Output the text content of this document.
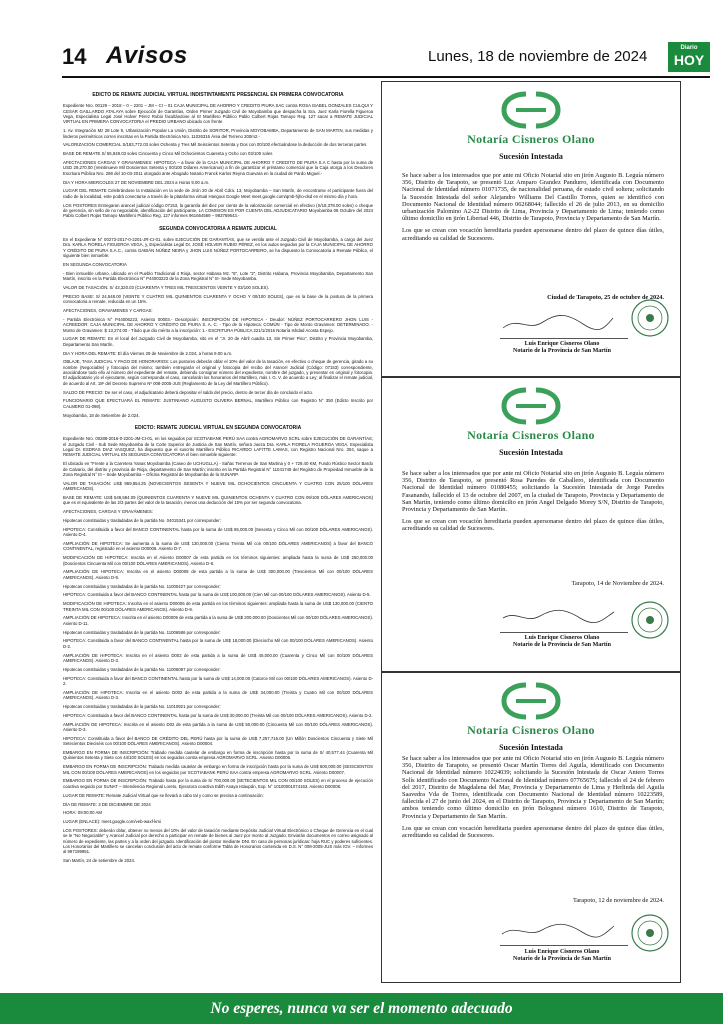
14 Avisos	Lunes, 18 de noviembre de 2024	Diario
HOY
EDICTO DE REMATE JUDICIAL VIRTUAL INDISTINTAMENTE PRESENCIAL EN PRIMERA CONVOCATORIA

Expediente Nro. 00129 – 2018 – 0 – 2201 – JM – CI – 01 CAJA MUNICIPAL DE AHORRO Y CREDITO PIURA SAC contra ROSA ISABEL GONZALES CULQUI Y CESAR GAILLARDO ATALAYA sobre Ejecución de Garantías, Orden Primer Juzgado Civil de Moyobamba que despacha la Sra. Juez Karla Fiorella Figueroa Vega, Especialista Legal José Holver Pérez Rubio facultándose al Sr Martillero Público Pablo Colbert Rojas Tamayo Reg. 127 sacar a REMATE JUDICIAL VIRTUAL EN PRIMERA CONVOCATORIA el PREDIO URBANO ubicado con frente

1. Av. Integración Mz 28 Lote 9, Urbanización Popular La Unión, Distrito de SORITOR, Provincia MOYOBAMBA, Departamento de SAN MARTIN, sus medidas y linderos perimétricos corren inscritas en la Partida Electrónica Nro. 11026316 Área del Terreno 200m2.-

VALORIZACION COMERCIAL S/183,772.03 soles Ochenta y Tres Mil Seiscientos Setenta y Dos con 00/100 efectuándose la deducción de dos terceras partes

BASE DE REMATE S/ 55,848.03 soles Cincuenta y Cinco Mil Ochocientos Cuarenta y Ocho con 03/100 soles

AFECTACIONES CARGAS Y GRAVAMENES: HIPOTECA – a favor de la CAJA MUNICIPAL DE AHORRO Y CREDITO DE PIURA S.A C hasta por la suma de USD 29,270.00 (Veintinueve Mil Doscientos Setenta y 00/100 Dólares Americanos) a fin de garantizar el préstamo comercial que la Caja otorga a los Deudores Escritura Pública Nro. 288 del 10-03-2011 otorgado ante Abogado Notario Franck Karlos Reyna Guevara en la ciudad de Pardo Miguel.-

DIA Y HORA MIERCOLES 27 DE NOVIEMBRE DEL 2024 a Horas 9.00 a.m.

LUGAR DEL REMATE Celebrándose la Instalación en la sede de Jirón 20 de Abril Cdra. 13, Moyobamba – San Martín, de encontrarse el participante fuera del radio de la localidad, este podrá conectarse a través de la plataforma virtual Hangout Google Meet meet.google.com/qmb-hjho-dsd en el mismo día y hora.

LOS POSTORES Entregaran arancel judicial código 07153, la garantía del diez por ciento de la valorización comercial en efectivo (S/18,378.00 soles) o cheque de gerencia, sin sello de no negociable, identificación del participante, LA COMISION ES POR CUENTA DEL ADJUDICATARIO Moyobamba 08 Octubre del 2024 Pablo Colbert Rojas Tamayo Martillero Público Reg. 127 informes 961654569 – 983769643.-

SEGUNDA CONVOCATORIA A REMATE JUDICIAL

En el Expediente N° 00273-2017-0-2201-JR-CI-01, sobre EJECUCIÓN DE GARANTÍAS, que se ventila ante el Juzgado Civil de Moyobamba, a cargo del Juez Dra. KARLA FIORELA FIGUEROA VEGA, y, Especialista Legal Dr. JOSÉ HOLVER RUBIO PÉREZ, en los autos seguidos por la CAJA MUNICIPAL DE AHORRO Y CRÉDITO DE PIURA S.A.C., contra GABIÁN NÚÑEZ NEIRA y JHON LUIS NÚÑEZ PORTOCARRERO, se ha dispuesto la Convocatoria a Remate Público, el siguiente bien inmueble:

EN SEGUNDA CONVOCATORIA

- Bien inmueble urbano, ubicado en el Pueblo Tradicional 4 Rioja, sector Habana Mz. "8", Lote "2", Distrito Habana, Provincia Moyobamba, Departamento San Martín, inscrito en la Partida Electrónica N° P44003223 de la Zona Registral N° III- Sede Moyobamba.

VALOR DE TASACIÓN: S/ 43,320.03 (CUARENTA Y TRES MIL TRESCIENTOS VEINTE Y 03/100 SOLES).

PRECIO BASE: S/ 24,548.00 (VEINTE Y CUATRO MIL QUINIENTOS CUARENTA Y OCHO Y 00/100 SOLES), que es la base de la postura de la primera convocatoria a remate, reducida en un 15%.

AFECTACIONES, GRAVAMENES Y CARGAS:

- Partida Electrónica N° P44006223, Asiento 00003.- Descripción: INSCRIPCIÓN DE HIPOTECA - Deudor: NÚÑEZ PORTOCARRERO JHON LUIS - ACREEDOR: CAJA MUNICIPAL DE AHORRO Y CRÉDITO DE PIURA S. A. C. - Tipo de la Hipoteca: COMÚN - Tipo de Monto Gravamen: DETERMINADO. - Monto de Gravamen: $ 13,274.00 - Título que dio mérito a la inscripción: 1.- ESCRITURA PÚBLICA 221/1/2016 Notaría Ishdad Acosta Espejo.

LUGAR DE REMATE: En el local del Juzgado Civil de Moyobamba, sito en el "Jr. 20 de Abril cuadra 13, Sin Primer Piso", Distrito y Provincia Moyobamba, Departamento San Martín.

DIA Y HORA DEL REMATE: El día Viernes 29 de Noviembre de 2.024, a horas 9.00 a.m.

OBLAJE, TASA JUDICIAL Y PAGO DE HONORARIOS: Los postores deberán oblar el 10% del valor de la tasación, en efectivo o cheque de gerencia, girado a su nombre (Negociable) y fotocopia del mismo; también entregarán el original y fotocopia del recibo del Arancel Judicial (Código: 07153) correspondiente, asociándose todo ello al número del expediente del remate, debiendo consignar número del expediente, nombre del juzgado, y presentar en original y fotocopia. El adjudicatario y/o el ejecutante, según corresponda el caso, cancelarán los honorarios del Martillero, más I. G. V. de acuerdo a Ley; al finalizar el remate judicial, de acuerdo al Art. 18º del Decreto Supremo Nº 008-2005-JUS (Reglamento de la Ley del Martillero Público).

SALDO DE PRECIO: De ser el caso, el adjudicatario deberá depositar el saldo del precio, dentro de tercer día de concluido el acto.

FUNCIONARIO QUE EFECTUARÁ EL REMATE: JUSTINIANO AUGUSTO OLIVERA BERNAL, Martillero Público con Registro N° 350 (Edicto Inscrito por CALMERO 01-098).

Moyobamba, 18 de Setiembre de 2.024.

EDICTO: REMATE JUDICIAL VIRTUAL EN SEGUNDA CONVOCATORIA

Expediente Nro. 00288-2016-0-2201-JM-CI-01, en los seguidos por SCOTIABANK PERÚ SAA contra AGROMARVO SCRL sobre EJECUCIÓN DE GARANTÍAS; el Juzgado Civil - Sub Sede Moyobamba de la Corte Superior de Justicia de San Martín, señora Jueza Dra. KARLA FIORELA FIGUEROA VEGA, Especialista Legal Dr. ESDRAS DIAZ VASQUEZ, ha dispuesto que el suscrito Martillero Público RICARDO LAFITTE LAMAS, con Registro Nacional Nro. 304, saque a REMATE JUDICIAL VIRTUAL EN SEGUNDA CONVOCATORIA el bien inmueble siguiente:

El ubicado en "Frente a la Carretera Yanas Moyobamba (Caseo de UCHUGLLA) - Sañac Terrenos de San Martina y 0 + 729.40 KM, Fundo Rústico Sector Bardo de Calvario, del distrito y provincia de Rioja, departamento de San Martín; inscrito en la Partida Registral N° 11041749 del Registro de Propiedad Inmueble de la Zona Registral N° III – Sede Moyobamba – Oficina Registral de Moyobamba de la SUNARP.

VALOR DE TASACIÓN: US$ 969,854.25 (NOVECIENTOS SESENTA Y NUEVE MIL OCHOCIENTOS CINCUENTA Y CUATRO CON 25/100 DÓLARES AMERICANOS).

BASE DE REMATE: US$ 549,584.09 (QUINIENTOS CUARENTA Y NUEVE MIL QUINIENTOS OCHENTA Y CUATRO CON 09/100 DÓLARES AMERICANOS) que es el equivalente de las 2/3 partes del valor de la tasación, menos una deducción del 15% por ser segunda convocatoria.

AFECTACIONES, CARGAS Y GRAVÁMENES:

Hipotecas constituidas y trasladadas de la partida No. 04015341 por corresponder:

HIPOTECA: Constituida a favor del BANCO CONTINENTAL hasta por la suma de US$ 65,000.00 (Sesenta y Cinco Mil con 00/100 DÓLARES AMERICANOS). Asiento D-4.

AMPLIACIÓN DE HIPOTECA: Se aumenta a la suma de US$ 130,000.00 (Ciento Treinta Mil con 00/100 DÓLARES AMERICANOS) a favor del BANCO CONTINENTAL, registrado en el asiento D00006. Asiento D-7.

MODIFICACIÓN DE HIPOTECA: Inscrita en el Asiento D00007 de esta partida en los términos siguientes: ampliada hasta la suma de US$ 250,000.00 (Doscientos Cincuenta Mil con 00/100 DÓLARES AMERICANOS). Asiento D-8.

AMPLIACIÓN DE HIPOTECA: Inscrita en el asiento D00008 de esta partida a la suma de US$ 300,000.00 (Trescientos Mil con 00/100 DÓLARES AMERICANOS). Asiento D-9.

Hipotecas constituidas y trasladadas de la partida No. 11000427 por corresponder:

HIPOTECA: Constituida a favor del BANCO CONTINENTAL hasta por la suma de US$ 100,000.00 (Cien Mil con 00/100 DÓLARES AMERICANOS). Asiento D-5.

MODIFICACIÓN DE HIPOTECA: Inscrita en el asiento D00006 de esta partida en los términos siguientes: ampliada hasta la suma de US$ 130,000.00 (CIENTO TREINTA MIL CON 00/100 DÓLARES AMERICANOS). Asiento D-9.

AMPLIACIÓN DE HIPOTECA: Inscrita en el asiento D00009 de esta partida a la suma de US$ 200,000.00 (Doscientos Mil con 00/100 DÓLARES AMERICANOS). Asiento D-11.

Hipotecas constituidas y trasladadas de la partida No. 11006586 por corresponder:

HIPOTECA: Constituida a favor del BANCO CONTINENTAL hasta por la suma de US$ 18,000.00 (Dieciocho Mil con 00/100 DÓLARES AMERICANOS). Asiento D-2.

AMPLIACIÓN DE HIPOTECA: Inscrita en el asiento D002 de esta partida a la suma de US$ 45,000.00 (Cuarenta y Cinco Mil con 00/100 DÓLARES AMERICANOS). Asiento D-3.

Hipotecas constituidas y trasladadas de la partida No. 11006087 por corresponder:

HIPOTECA: Constituida a favor del BANCO CONTINENTAL hasta por la suma de US$ 14,000.00 (Catorce Mil con 00/100 DÓLARES AMERICANOS). Asiento D-2.

AMPLIACIÓN DE HIPOTECA: Inscrita en el asiento D002 de esta partida a la suma de US$ 34,000.00 (Treinta y Cuatro Mil con 00/100 DÓLARES AMERICANOS). Asiento D-3.

Hipotecas constituidas y trasladadas de la partida No. 11010921 por corresponder:

HIPOTECA: Constituida a favor del BANCO CONTINENTAL hasta por la suma de US$ 30,000.00 (Treinta Mil con 00/100 DÓLARES AMERICANOS). Asiento D-2.

AMPLIACIÓN DE HIPOTECA: Inscrita en el asiento D02 de esta partida a la suma de US$ 50,000.00 (Cincuenta Mil con 00/100 DÓLARES AMERICANOS). Asiento D-3.

HIPOTECA: Constituida a favor del BANCO DE CRÉDITO DEL PERÚ hasta por la suma de US$ 7,257,716.00 (Un Millón Doscientos Cincuenta y Siete Mil Setecientos Dieciséis con 00/100 DÓLARES AMERICANOS). Asiento D00004.

EMBARGO EN FORMA DE INSCRIPCIÓN: Trabado medida cautelar de embargo en forma de inscripción hasta por la suma de S/ 40,577.44 (Cuarenta Mil Quinientos Setenta y Siete con 44/100 SOLES) en los seguidos contra empresa AGROMARVO SCRL. Asiento D00006.

EMBARGO EN FORMA DE INSCRIPCIÓN: Trabado medida cautelar de embargo en forma de inscripción hasta por la suma de US$ 600,000.00 (SEISCIENTOS MIL CON 00/100 DÓLARES AMERICANOS) en los seguidos por SCOTIABANK PERÚ SAA contra empresa AGROMARVO SCRL. Asiento D00007.

EMBARGO EN FORMA DE INSCRIPCIÓN: Trabado hasta por la suma de S/ 700,000.00 (SETECIENTOS MIL CON 00/100 SOLES) en el proceso de ejecución coactiva seguido por SUNAT – Intendencia Regional Loreto, Ejecutora coactiva Edith Anaya Istaupán, Exp. N° 10100001074163. Asiento D00008.

LUGAR DE REMATE: Remate Judicial Virtual que se llevará a cabo tal y como se precisa a continuación:

DÍA DE REMATE: 3 DE DICIEMBRE DE 2024

HORA: 09:00:00 AM

LUGAR (ENLACE): meet.google.com/veb-waxf-kmi

LOS POSTORES: deberán oblar, obtener no menos del 10% del valor de tasación mediante Depósito Judicial Virtual Electrónico o Cheque de Gerencia en el cual se le "No Negociable" y Arancel Judicial por derecho a participar en remate de bienes al Juez por monto al Juzgado. Enviarán documentos en correo asignado al número de expediente, las partes y a la orden del juzgado. Identificación del postor mediante DNI. En caso de personas jurídicas: hoja RUC y poderes suficientes. Los Honorarios del Martillero se cancelan conclusión del acto de remate conforme Tabla de Honorarios contenida en D.S. N° 008-2005-JUS más IGV. – Informes al 997199951.

San Martín, 24 de setiembre de 2024.

Notaría Cisneros Olano
Sucesión Intestada

Se hace saber a los interesados que por ante mi Oficio Notarial sito en jirón Augusto B. Leguía número 356, Distrito de Tarapoto, se presentó Luz Amparo Grandez Pandurro, identificada con Documento Nacional de Identidad número 01071735, de nacionalidad peruana, de estado civil soltera; solicitando la Sucesión Intestada del señor Alejandro Williams Del Castillo Torres, quien se identificó con Documento Nacional de Identidad número 06268044; fallecido el 26 de julio 2013, en su domicilio urbanización Palomino A2-22 Distrito de Lima, Provincia y Departamento de Lima; teniendo como último domicilio en jirón Libertad 446, Distrito de Tarapoto, Provincia y Departamento de San Martín.

Los que se crean con vocación hereditaria pueden apersonarse dentro del plazo de quince días útiles, acreditando su calidad de Sucesores.

Ciudad de Tarapoto, 25 de octubre de 2024.
Luis Enrique Cisneros Olano
Notario de la Provincia de San Martín
Notaría Cisneros Olano
Sucesión Intestada

Se hace saber a los interesados que por ante mi Oficio Notarial sito en jirón Augusto B. Leguía número 356, Distrito de Tarapoto, se presentó Rosa Paredes de Caballero, identificada con Documento Nacional de Identidad número 01080455; solicitando la Sucesión Intestada de Jorge Paredes Fasanando, fallecido el 13 de octubre del 2007, en la ciudad de Tarapoto, Provincia y Departamento de San Martín, teniendo como último domicilio en jirón Angel Delgado Morey S/N, Distrito de Tarapoto, Provincia y Departamento de San Martín.

Los que se crean con vocación hereditaria pueden apersonarse dentro del plazo de quince días útiles, acreditando su calidad de Sucesores.

Tarapoto, 14 de Noviembre de 2024.
Luis Enrique Cisneros Olano
Notario de la Provincia de San Martín
Notaría Cisneros Olano
Sucesión Intestada

Se hace saber a los interesados que por ante mi Oficio Notarial sito en jirón Augusto B. Leguía número 356, Distrito de Tarapoto, se presentó Oscar Martín Torres del Aguila, identificado con Documento Nacional de Identidad número 10224039; solicitando la Sucesión Intestada de Oscar Antero Torres Solís identificado con Documento Nacional de Identidad número 07765675; fallecido el 24 de febrero del 2017, Distrito de Magdalena del Mar, Provincia y Departamento de Lima y Herlinda del Aguila Saavedra Vda de Torres, identificada con Documento Nacional de Identidad número 10223589, fallecida el 27 de junio del 2024, en el Distrito de Tarapoto, Provincia y Departamento de San Martín; ambos teniendo como último domicilio en jirón Bolognesi número 1610, Distrito de Tarapoto, Provincia y Departamento de San Martín.

Los que se crean con vocación hereditaria pueden apersonarse dentro del plazo de quince días útiles, acreditando su calidad de Sucesores.

Tarapoto, 12 de noviembre de 2024.
Luis Enrique Cisneros Olano
Notario de la Provincia de San Martín
No esperes, nunca va ser el momento adecuado
